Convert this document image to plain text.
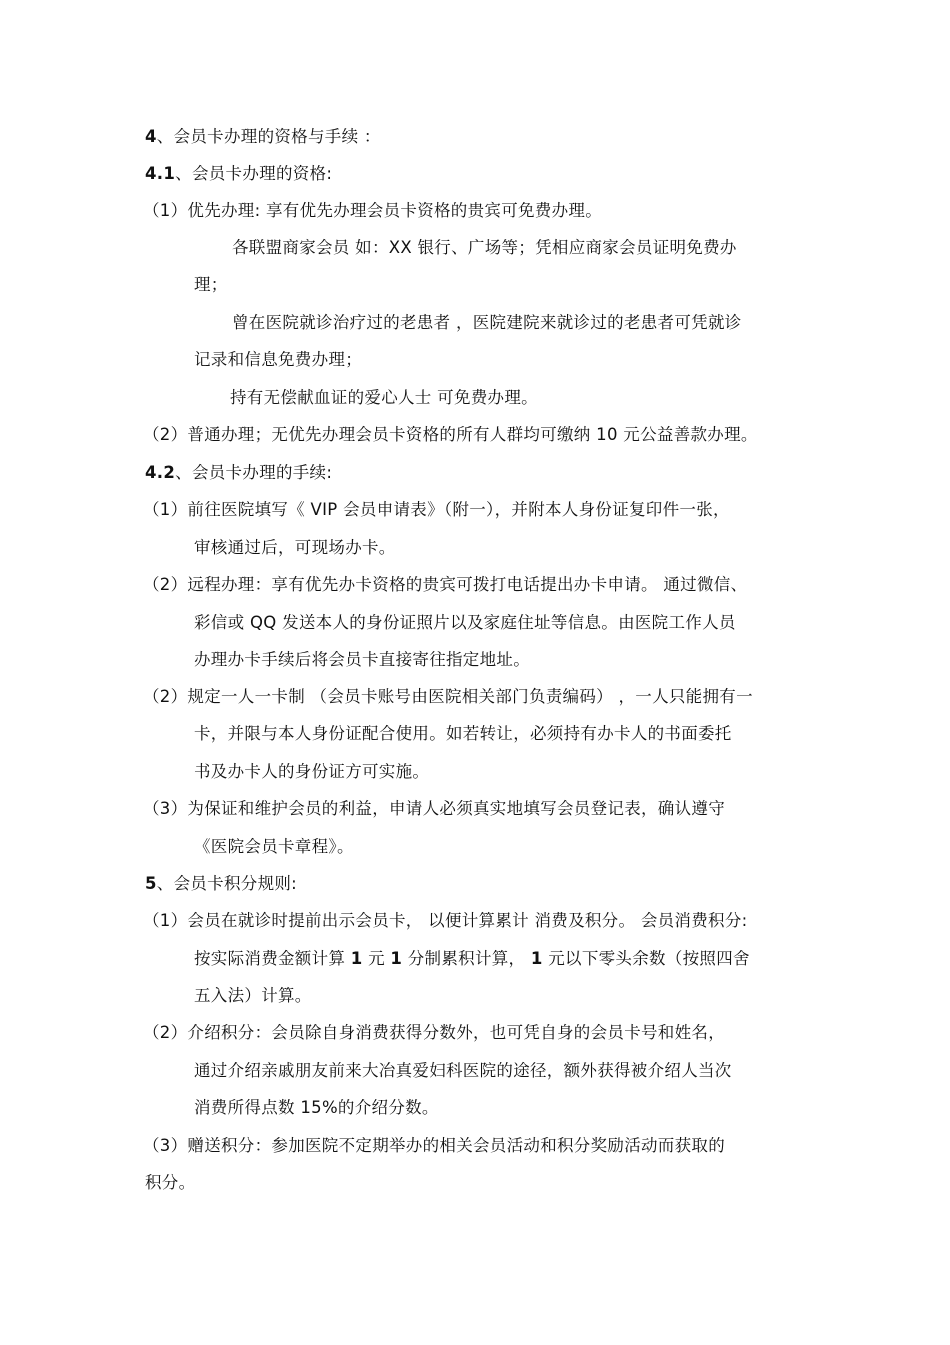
4、会员卡办理的资格与手续 ：
4.1、会员卡办理的资格:
（1）优先办理: 享有优先办理会员卡资格的贵宾可免费办理。
各联盟商家会员 如：XX 银行、广场等；凭相应商家会员证明免费办
理；
曾在医院就诊治疗过的老患者 ，医院建院来就诊过的老患者可凭就诊
记录和信息免费办理；
持有无偿献血证的爱心人士 可免费办理。
（2）普通办理；无优先办理会员卡资格的所有人群均可缴纳 10 元公益善款办理。
4.2、会员卡办理的手续:
（1）前往医院填写《 VIP 会员申请表》（附一），并附本人身份证复印件一张，
审核通过后，可现场办卡。
（2）远程办理：享有优先办卡资格的贵宾可拨打电话提出办卡申请。 通过微信、
彩信或 QQ 发送本人的身份证照片以及家庭住址等信息。由医院工作人员
办理办卡手续后将会员卡直接寄往指定地址。
（2）规定一人一卡制 （会员卡账号由医院相关部门负责编码） ，一人只能拥有一
卡，并限与本人身份证配合使用。如若转让，必须持有办卡人的书面委托
书及办卡人的身份证方可实施。
（3）为保证和维护会员的利益，申请人必须真实地填写会员登记表，确认遵守
《医院会员卡章程》。
5、会员卡积分规则:
（1）会员在就诊时提前出示会员卡， 以便计算累计 消费及积分。 会员消费积分:
按实际消费金额计算 1 元 1 分制累积计算， 1 元以下零头余数（按照四舍
五入法）计算。
（2）介绍积分：会员除自身消费获得分数外，也可凭自身的会员卡号和姓名，
通过介绍亲戚朋友前来大冶真爱妇科医院的途径，额外获得被介绍人当次
消费所得点数 15%的介绍分数。
（3）赠送积分：参加医院不定期举办的相关会员活动和积分奖励活动而获取的
积分。
